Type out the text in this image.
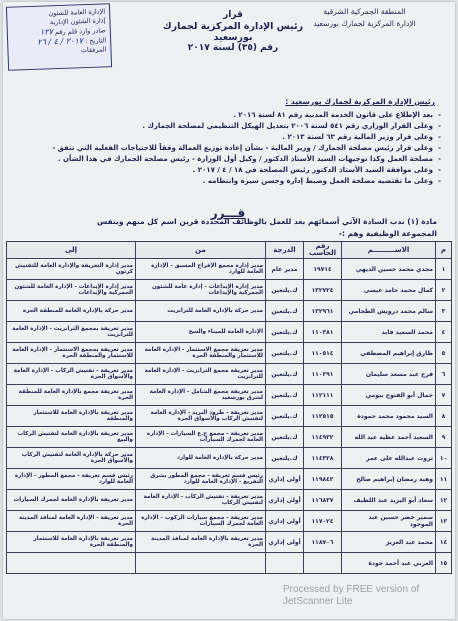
المنطقة الجمركية الشرقية
الإدارة المركزية لجمارك بورسعيد
قرار
رئيس الإدارة المركزية لجمارك بورسعيد
رقم (٣٥) لسنة ٢٠١٧
الإدارة العامة للشئون
إدارة الشئون الإدارية
صادر وارد قلم رقم ١٢٧
التاريخ : ٢٠١٧ / ٤ / ٢٦
المرفقات
رئيس الإدارة المركزية لجمارك بورسعيد :
- بعد الإطلاع على قانون الخدمة المدنية رقم ٨١ لسنة ٢٠١٦ .
- وعلى القرار الوزاري رقم ٥٤١ لسنة ٢٠٠٦ بتعديل الهيكل التنظيمي لمصلحة الجمارك .
- وعلى قرار وزير المالية رقم ٦٣ لسنة ٢٠١٣ .
- وعلى قرار رئيس مصلحة الجمارك / وزير المالية - بشأن إعادة توزيع العمالة وفقاً للاحتياجات الفعلية التي تتفق -
- مصلحة العمل وكذا توجيهات السيد الأستاذ الدكتور / وكيل أول الوزارة - رئيس مصلحة الجمارك في هذا الشأن .
- وعلى موافقة السيد الأستاذ الدكتور رئيس المصلحة في ١٨ / ٤ / ٢٠١٧ .
- وعلى ما تقتضيه مصلحة العمل وضبط إدارة وحسن سيره وانتظامه .
قـــرر

مادة (١) ندب السادة الآتي أسمائهم بعد للعمل بالوظائف المحددة قرين اسم كل منهم وبنفس

المجموعة الوظيفية وهم :-

م	الاســـــــــم	رقم الحاسب	الدرجة	من	إلى
١	مجدي محمد حسين الديهي	١٩٧١٤	مدير عام	مدير إدارة مجمع الإفراج المسبق - الإدارة العامة للوارد	مدير إدارة التعريفة والإدارة العامة للتفتيش كرتون
٢	كمال محمد حامد عيسى	١٣٢٧٢٤	ك.يلتعين	مدير إدارة الإيداعات - إدارة عامة للشئون الجمركية والإيداعات	مدير إدارة الإيداعات - الإدارة العامة للشئون الجمركية والإيداعات
٣	سالم محمد درويش الطحامي	١٣٢٩٦١	ك.يلتعين	مدير حركة بالإدارة العامة للترانزيت	مدير حركة بالإدارة العامة للمنطقة الحرة
٤	محمد السعيد فايد	١١٠٣٨١	ك.يلتعين	الإدارة العامة للميناء والسح	مدير تعريفة بمجمع الترانزيت - الإدارة العامة للترانزيت
٥	طارق إبراهيم المصطفي	١١٠٥١٤	ك.يلتعين	مدير تعريفة مجمع الاستثمار - الإدارة العامة للاستثمار والمنطقة الحرة	مدير تعريفة بمجمع الاستثمار - الإدارة العامة للاستثمار والمنطقة الحرة
٦	فرج عبد مسعد سليمان	١١٠٣٩١	ك.يلتعين	مدير تعريفة مجمع الترانزيت - الإدارة العامة للترانزيت	مدير تعريفة - تفتيش الركاب - الإدارة العامة والأسواق الحرة
٧	جمال أبو الفتوح بيومي	١١٢١١١	ك.يلتعين	مدير تعريفة مجمع الشامل - الإدارة العامة لشرق بورسعيد	مدير تعريفة مجمع بالإدارة العامة للمنطقة الحرة
٨	السيد محمود محمد حمودة	١١٢٥١٥	ك.يلتعين	مدير تعريفة - طرود البريد - الإدارة العامة لتفتيش الركاب والأسواق الحرة	مدير تعريفة بالإدارة العامة للاستثمار والمنطقة
٩	السعيد أحمد عطية عبد الله	١١٤٩٣٢	ك.يلتعين	مدير تعريفة - مجمع ج.ع السيارات - الإدارة العامة لجمرك السيارات	مدير تعريفة بالإدارة العامة لتفتيش الركاب والبيع
١٠	ثروت عبدالله على عمر	١١٤٣٢٨	ك.يلتعين	مدير حركة بالإدارة العامة للوارد	مدير حركة بالإدارة العامة لتفتيش الركاب والأسواق الحرة
١١	وهبة رمضان إبراهيم صالح	١١٩٨٤٢	أولى إداري	رئيس قسم تعريفة - مجمع المطور بشرق التفريغ - الإدارة العامة للوارد	رئيس قسم تعريفة - مجمع المطور - الإدارة العامة للوارد
١٢	سعاد أبو اليزيد عبد اللطيف	١١٦٨٣٧	أولى إداري	مدير تعريفة - تفتيش الركاب - الإدارة العامة لتفتيش الركاب	مدير تعريفة بالإدارة العامة لجمرك السيارات
١٣	سمير خضر حسين عبد الموجود	١١٧٠٢٤	أولى إداري	مدير تعريفة - مجمع سيارات الركوب - الإدارة العامة لجمرك السيارات	مدير تعريفة - الإدارة العامة لمنافذ المدينة الحرة
١٤	محمد عبد العزيز	١١٨٧٠٦	أولى إداري	مدير تعريفة بالإدارة العامة لمنافذ المدينة الحرة	مدير تعريفة بالإدارة العامة للاستثمار والمنطقة الحرة
١٥	العربي عبد أحمد جودة				
Processed by FREE version of
JetScanner Lite
